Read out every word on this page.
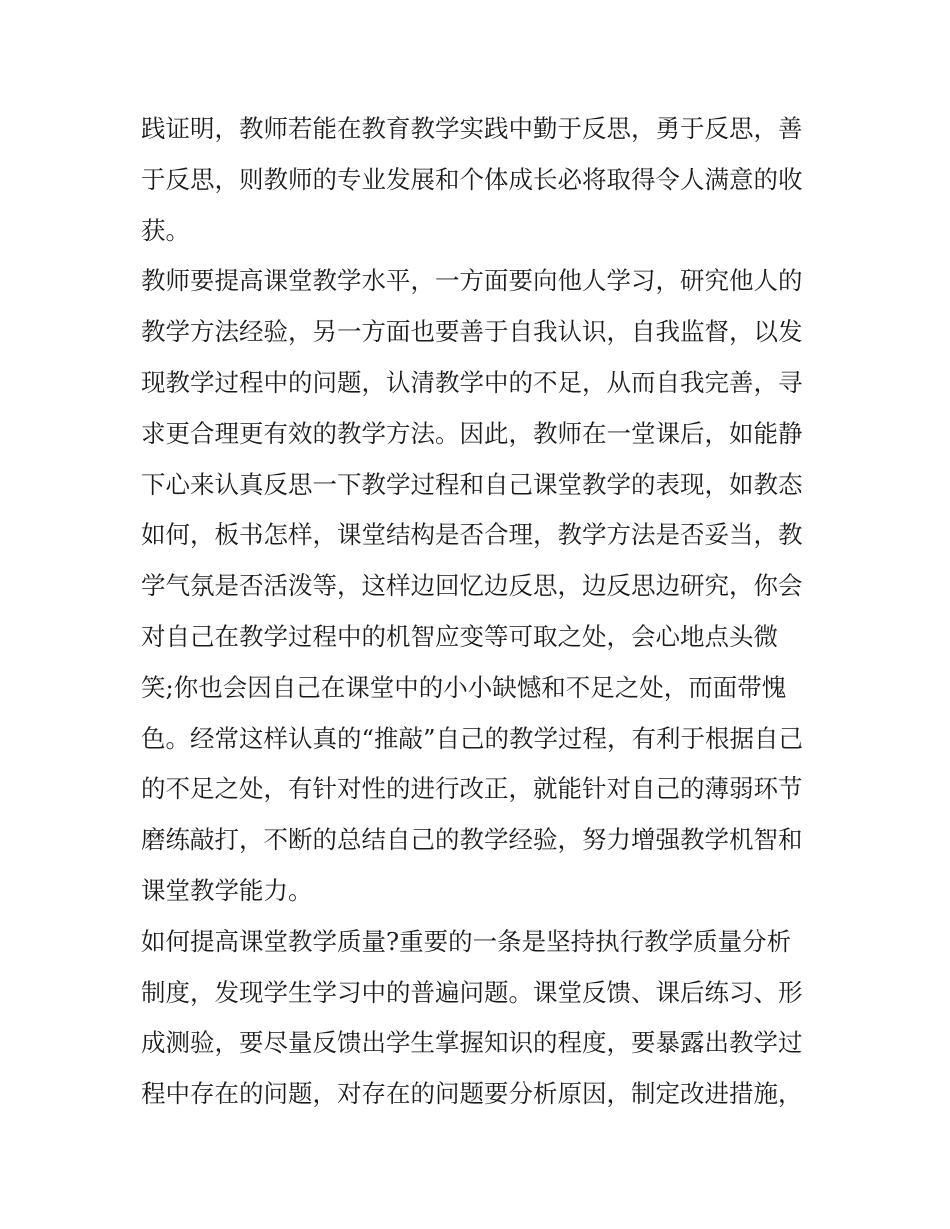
践证明，教师若能在教育教学实践中勤于反思，勇于反思，善
于反思，则教师的专业发展和个体成长必将取得令人满意的收
获。
教师要提高课堂教学水平，一方面要向他人学习，研究他人的
教学方法经验，另一方面也要善于自我认识，自我监督，以发
现教学过程中的问题，认清教学中的不足，从而自我完善，寻
求更合理更有效的教学方法。因此，教师在一堂课后，如能静
下心来认真反思一下教学过程和自己课堂教学的表现，如教态
如何，板书怎样，课堂结构是否合理，教学方法是否妥当，教
学气氛是否活泼等，这样边回忆边反思，边反思边研究，你会
对自己在教学过程中的机智应变等可取之处，会心地点头微
笑;你也会因自己在课堂中的小小缺憾和不足之处，而面带愧
色。经常这样认真的“推敲”自己的教学过程，有利于根据自己
的不足之处，有针对性的进行改正，就能针对自己的薄弱环节
磨练敲打，不断的总结自己的教学经验，努力增强教学机智和
课堂教学能力。
如何提高课堂教学质量?重要的一条是坚持执行教学质量分析
制度，发现学生学习中的普遍问题。课堂反馈、课后练习、形
成测验，要尽量反馈出学生掌握知识的程度，要暴露出教学过
程中存在的问题，对存在的问题要分析原因，制定改进措施，
